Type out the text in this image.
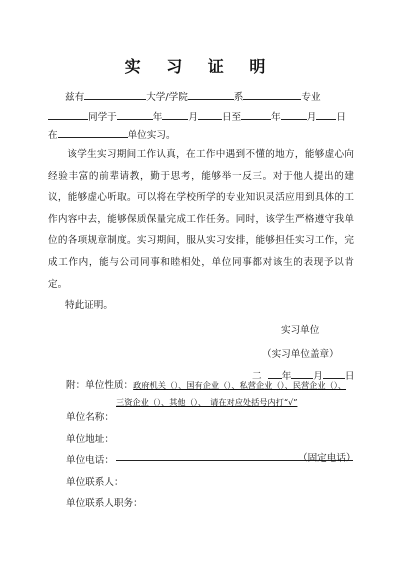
实 习 证 明
兹有	大学/学院	系	专业
同学于	年	月	日至	年	月 日
在	单位实习。
该学生实习期间工作认真，在工作中遇到不懂的地方，能够虚心向经验丰富的前辈请教，勤于思考，能够举一反三。对于他人提出的建议，能够虚心听取。可以将在学校所学的专业知识灵活应用到具体的工作内容中去，能够保质保量完成工作任务。同时，该学生严格遵守我单位的各项规章制度。实习期间，服从实习安排，能够担任实习工作，完成工作内，能与公司同事和睦相处，单位同事都对该生的表现予以肯定。
特此证明。
实习单位
（实习单位盖章）
二 年 月 日
附：单位性质：政府机关（）、国有企业（）、私营企业（）、民营企业（）、
三资企业（）、其他（）、　请在对应处括号内打“√”
单位名称：
单位地址：
单位电话：	（固定电话）
单位联系人：
单位联系人职务：
